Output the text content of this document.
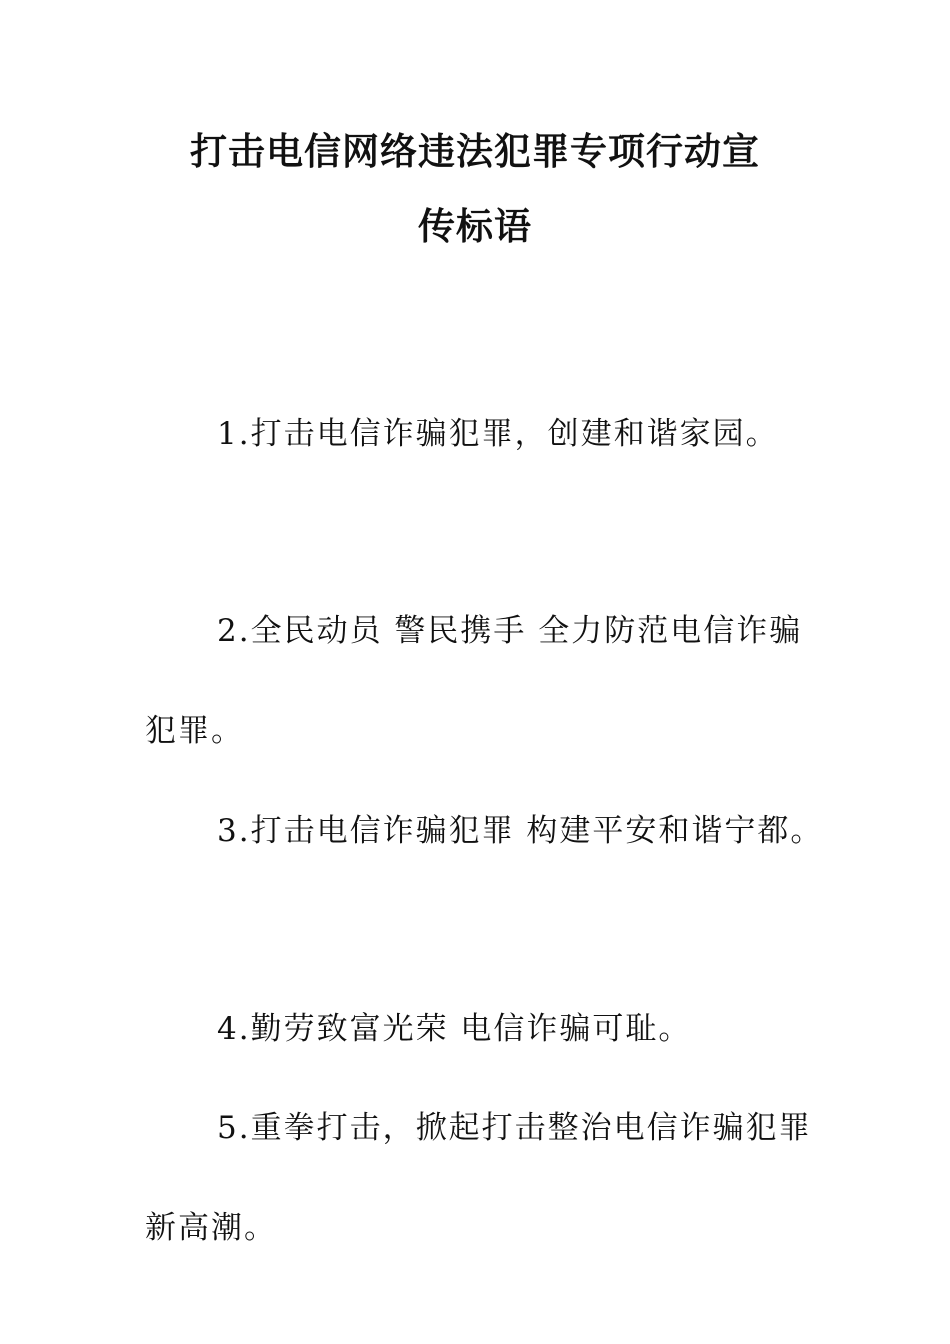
打击电信网络违法犯罪专项行动宣
传标语

1.打击电信诈骗犯罪，创建和谐家园。

2.全民动员 警民携手 全力防范电信诈骗犯罪。

3.打击电信诈骗犯罪 构建平安和谐宁都。

4.勤劳致富光荣 电信诈骗可耻。

5.重拳打击，掀起打击整治电信诈骗犯罪新高潮。
